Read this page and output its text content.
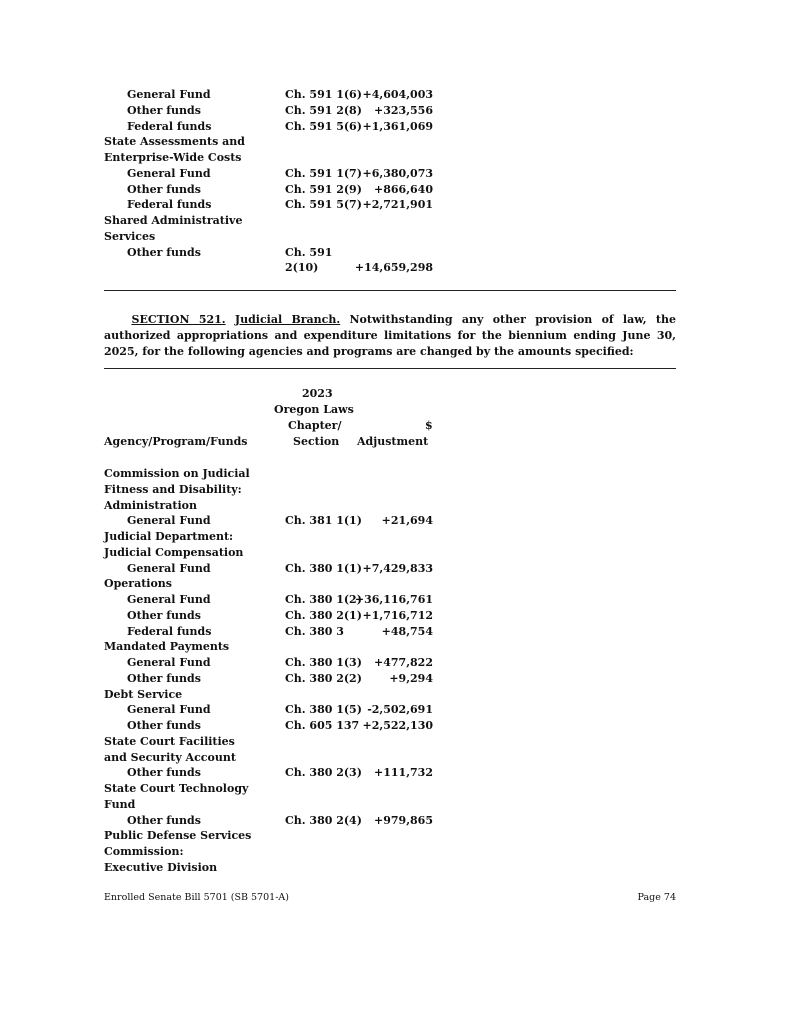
General Fund	Ch. 591 1(6) +4,604,003
Other funds	Ch. 591 2(8) +323,556
Federal funds	Ch. 591 5(6) +1,361,069
State Assessments and
Enterprise-Wide Costs
General Fund	Ch. 591 1(7) +6,380,073
Other funds	Ch. 591 2(9) +866,640
Federal funds	Ch. 591 5(7) +2,721,901
Shared Administrative
Services
Other funds	Ch. 591
2(10)	+14,659,298
   SECTION 521. Judicial Branch. Notwithstanding any other provision of law, the authorized appropriations and expenditure limitations for the biennium ending June 30, 2025, for the following agencies and programs are changed by the amounts specified:
2023
Oregon Laws
Chapter/	$
Agency/Program/Funds	Section Adjustment
Commission on Judicial
Fitness and Disability:
Administration
General Fund	Ch. 381 1(1) +21,694
Judicial Department:
Judicial Compensation
General Fund	Ch. 380 1(1) +7,429,833
Operations
General Fund	Ch. 380 1(2)
+36,116,761
Other funds	Ch. 380 2(1) +1,716,712
Federal funds	Ch. 380 3	+48,754
Mandated Payments
General Fund	Ch. 380 1(3) +477,822
Other funds	Ch. 380 2(2) +9,294
Debt Service
General Fund	Ch. 380 1(5) -2,502,691
Other funds	Ch. 605 137 +2,522,130
State Court Facilities
and Security Account
Other funds	Ch. 380 2(3) +111,732
State Court Technology
Fund
Other funds	Ch. 380 2(4) +979,865
Public Defense Services
Commission:
Executive Division
Enrolled Senate Bill 5701 (SB 5701-A)	Page 74
